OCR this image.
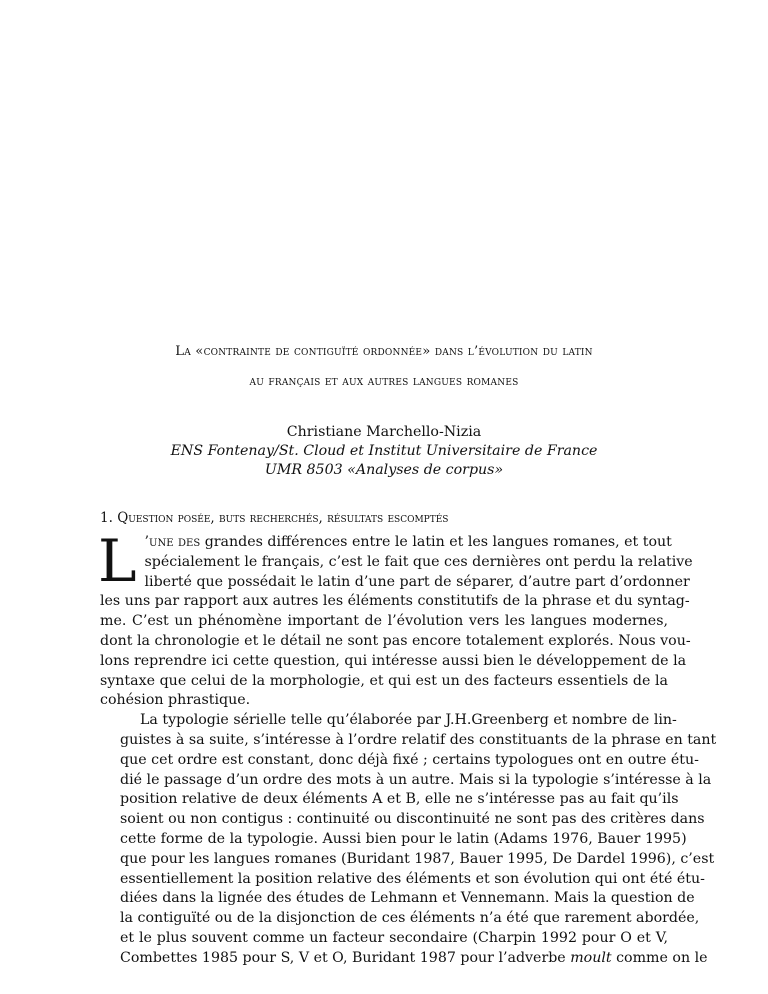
La «contrainte de contiguïté ordonnée» dans l’évolution du latin
au français et aux autres langues romanes
Christiane Marchello-Nizia
ENS Fontenay/St. Cloud et Institut Universitaire de France
UMR 8503 «Analyses de corpus»
1. Question posée, buts recherchés, résultats escomptés

L ’une des grandes différences entre le latin et les langues romanes, et tout
spécialement le français, c’est le fait que ces dernières ont perdu la relative
liberté que possédait le latin d’une part de séparer, d’autre part d’ordonner
les uns par rapport aux autres les éléments constitutifs de la phrase et du syntag-
me. C’est un phénomène important de l’évolution vers les langues modernes,
dont la chronologie et le détail ne sont pas encore totalement explorés. Nous vou-
lons reprendre ici cette question, qui intéresse aussi bien le développement de la
syntaxe que celui de la morphologie, et qui est un des facteurs essentiels de la
cohésion phrastique.

La typologie sérielle telle qu’élaborée par J.H.Greenberg et nombre de lin-
guistes à sa suite, s’intéresse à l’ordre relatif des constituants de la phrase en tant
que cet ordre est constant, donc déjà fixé ; certains typologues ont en outre étu-
dié le passage d’un ordre des mots à un autre. Mais si la typologie s’intéresse à la
position relative de deux éléments A et B, elle ne s’intéresse pas au fait qu’ils
soient ou non contigus : continuité ou discontinuité ne sont pas des critères dans
cette forme de la typologie. Aussi bien pour le latin (Adams 1976, Bauer 1995)
que pour les langues romanes (Buridant 1987, Bauer 1995, De Dardel 1996), c’est
essentiellement la position relative des éléments et son évolution qui ont été étu-
diées dans la lignée des études de Lehmann et Vennemann. Mais la question de
la contiguïté ou de la disjonction de ces éléments n’a été que rarement abordée,
et le plus souvent comme un facteur secondaire (Charpin 1992 pour O et V,
Combettes 1985 pour S, V et O, Buridant 1987 pour l’adverbe moult comme on le
